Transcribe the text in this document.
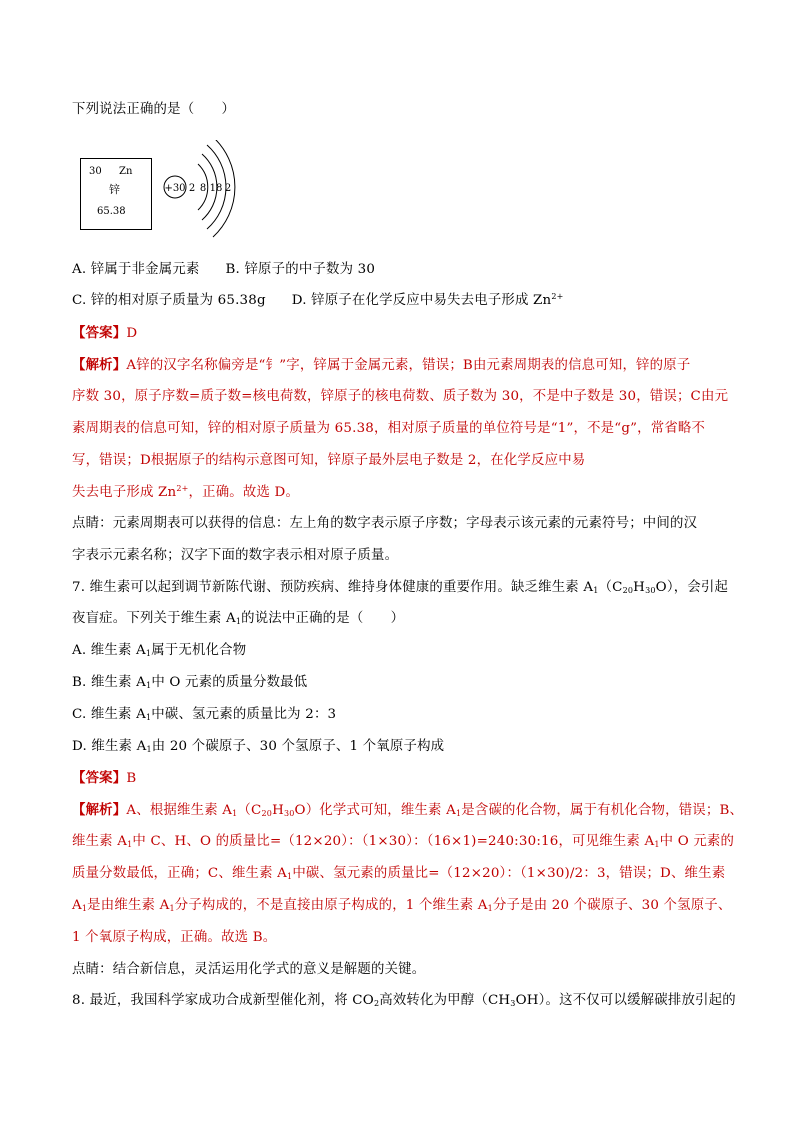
下列说法正确的是（　　）
30 Zn
锌
65.38
+30 2 8 18 2
A. 锌属于非金属元素 B. 锌原子的中子数为 30
C. 锌的相对原子质量为 65.38g D. 锌原子在化学反应中易失去电子形成 $Zn^{2+}$
【答案】D
【解析】A锌的汉字名称偏旁是“钅”字，锌属于金属元素，错误；B由元素周期表的信息可知，锌的原子
序数 30，原子序数=质子数=核电荷数，锌原子的核电荷数、质子数为 30，不是中子数是 30，错误；C由元
素周期表的信息可知，锌的相对原子质量为 65.38，相对原子质量的单位符号是“1”，不是“g”，常省略不
写，错误；D根据原子的结构示意图可知，锌原子最外层电子数是 2，在化学反应中易
失去电子形成 $Zn^{2+}$，正确。故选 D。
点睛：元素周期表可以获得的信息：左上角的数字表示原子序数；字母表示该元素的元素符号；中间的汉
字表示元素名称；汉字下面的数字表示相对原子质量。
7. 维生素可以起到调节新陈代谢、预防疾病、维持身体健康的重要作用。缺乏维生素 $A_1(C_{20}H_{30}O)$，会引起
夜盲症。下列关于维生素 $A_1$的说法中正确的是（　　）
A. 维生素 $A_1$属于无机化合物
B. 维生素 $A_1$中 O 元素的质量分数最低
C. 维生素 $A_1$中碳、氢元素的质量比为 2：3
D. 维生素 $A_1$由 20 个碳原子、30 个氢原子、1 个氧原子构成
【答案】B
【解析】A、根据维生素 $A_1(C_{20}H_{30}O)$化学式可知，维生素 $A_1$是含碳的化合物，属于有机化合物，错误；B、
维生素 $A_1$中 C、H、O 的质量比=（12×20）：（1×30）：（16×1)=240:30:16，可见维生素 $A_1$中 O 元素的
质量分数最低，正确；C、维生素 $A_1$中碳、氢元素的质量比=（12×20）：（1×30)/2：3，错误；D、维生素
$A_1$是由维生素 $A_1$分子构成的，不是直接由原子构成的，1 个维生素 $A_1$分子是由 20 个碳原子、30 个氢原子、
1 个氧原子构成，正确。故选 B。
点睛：结合新信息，灵活运用化学式的意义是解题的关键。
8. 最近，我国科学家成功合成新型催化剂，将 $CO_2$高效转化为甲醇$(CH_3OH)$。这不仅可以缓解碳排放引起的
